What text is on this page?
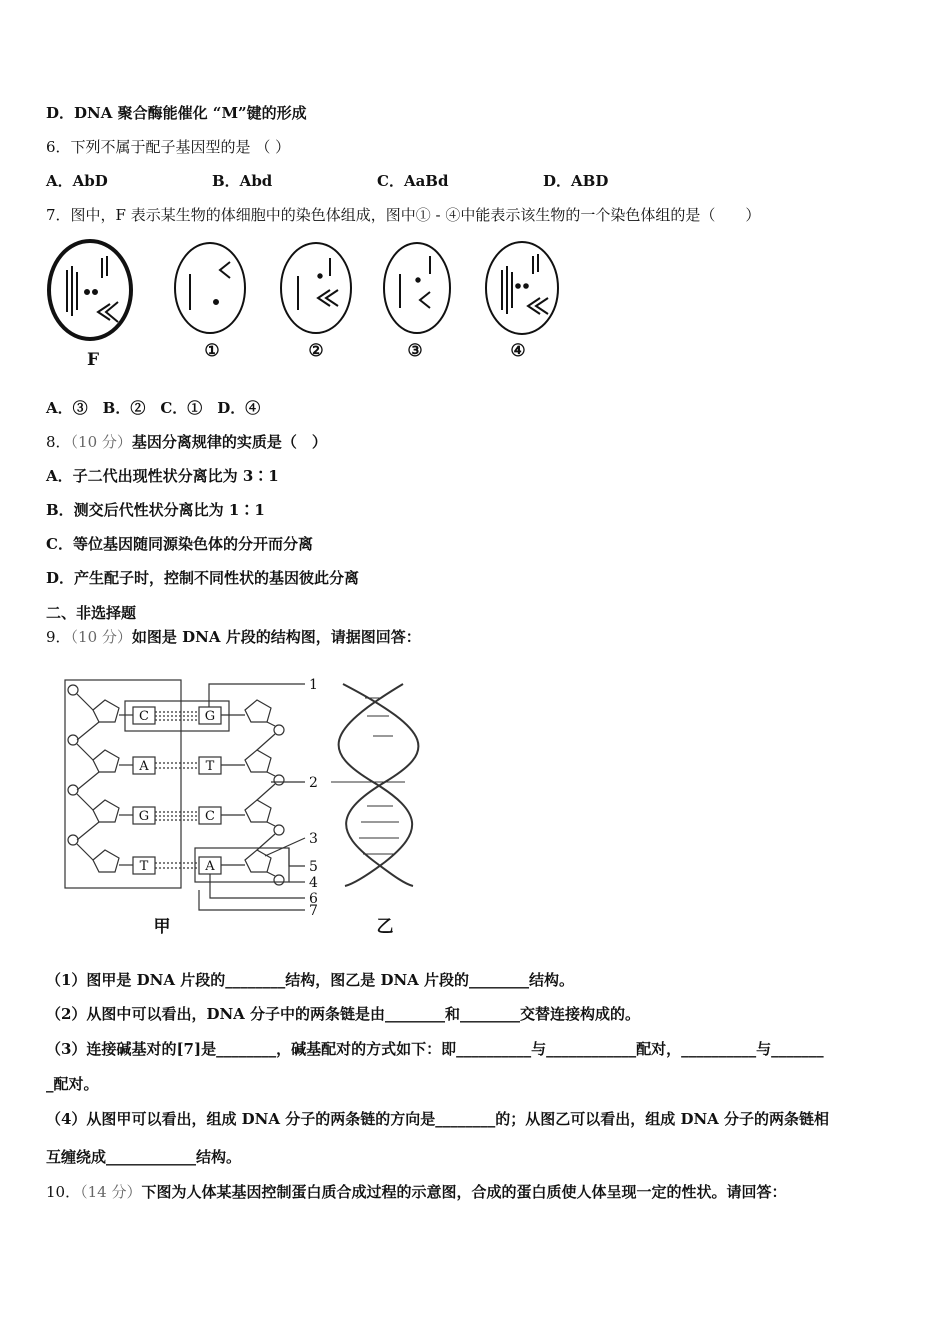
D．DNA 聚合酶能催化 “M”键的形成
6．下列不属于配子基因型的是 （ ）
A．AbD	B．Abd	C．AaBd	D．ABD
7．图中，F 表示某生物的体细胞中的染色体组成，图中① - ④中能表示该生物的一个染色体组的是（　　）
F	①	②	③	④
A．③　B．②　C．①　D．④
8．（10 分）基因分离规律的实质是（　）
A．子二代出现性状分离比为 3∶1
B．测交后代性状分离比为 1∶1
C．等位基因随同源染色体的分开而分离
D．产生配子时，控制不同性状的基因彼此分离
二、非选择题
9．（10 分）如图是 DNA 片段的结构图，请据图回答：
C
A
G
T
G
T
C
A
1
2
3
5
4
6
7
甲	乙
（1）图甲是 DNA 片段的________结构，图乙是 DNA 片段的________结构。
（2）从图中可以看出，DNA 分子中的两条链是由________和________交替连接构成的。
（3）连接碱基对的[7]是________，碱基配对的方式如下：即__________与____________配对，__________与_______
_配对。
（4）从图甲可以看出，组成 DNA 分子的两条链的方向是________的；从图乙可以看出，组成 DNA 分子的两条链相
互缠绕成____________结构。
10．（14 分）下图为人体某基因控制蛋白质合成过程的示意图，合成的蛋白质使人体呈现一定的性状。请回答：
